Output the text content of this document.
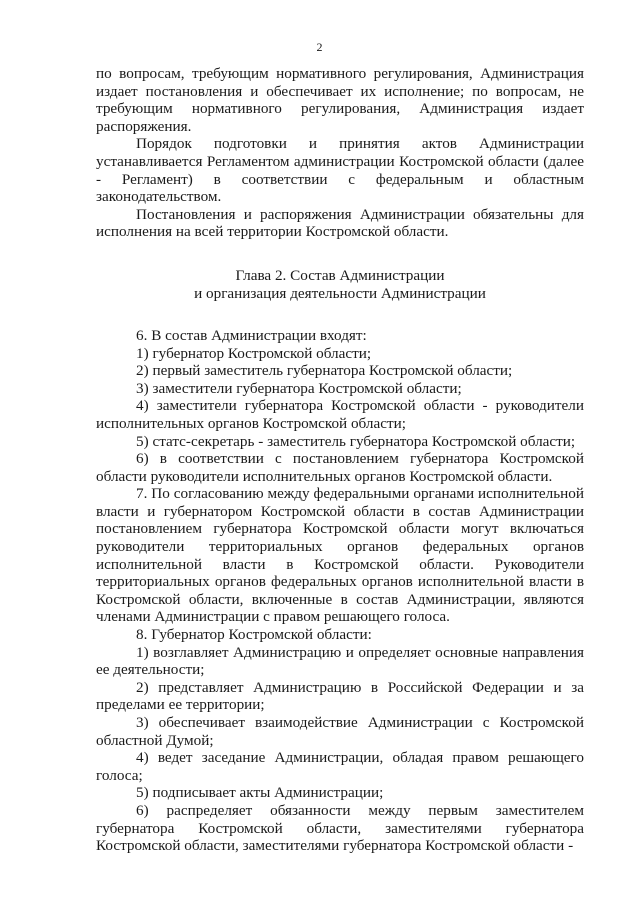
2

по вопросам, требующим нормативного регулирования, Администрация издает постановления и обеспечивает их исполнение; по вопросам, не требующим нормативного регулирования, Администрация издает распоряжения.

Порядок подготовки и принятия актов Администрации устанавливается Регламентом администрации Костромской области (далее - Регламент) в соответствии с федеральным и областным законодательством.

Постановления и распоряжения Администрации обязательны для исполнения на всей территории Костромской области.

Глава 2. Состав Администрации
и организация деятельности Администрации

6. В состав Администрации входят:

1) губернатор Костромской области;

2) первый заместитель губернатора Костромской области;

3) заместители губернатора Костромской области;

4) заместители губернатора Костромской области - руководители исполнительных органов Костромской области;

5) статс-секретарь - заместитель губернатора Костромской области;

6) в соответствии с постановлением губернатора Костромской области руководители исполнительных органов Костромской области.

7. По согласованию между федеральными органами исполнительной власти и губернатором Костромской области в состав Администрации постановлением губернатора Костромской области могут включаться руководители территориальных органов федеральных органов исполнительной власти в Костромской области. Руководители территориальных органов федеральных органов исполнительной власти в Костромской области, включенные в состав Администрации, являются членами Администрации с правом решающего голоса.

8. Губернатор Костромской области:

1) возглавляет Администрацию и определяет основные направления ее деятельности;

2) представляет Администрацию в Российской Федерации и за пределами ее территории;

3) обеспечивает взаимодействие Администрации с Костромской областной Думой;

4) ведет заседание Администрации, обладая правом решающего голоса;

5) подписывает акты Администрации;

6) распределяет обязанности между первым заместителем губернатора Костромской области, заместителями губернатора Костромской области, заместителями губернатора Костромской области -
